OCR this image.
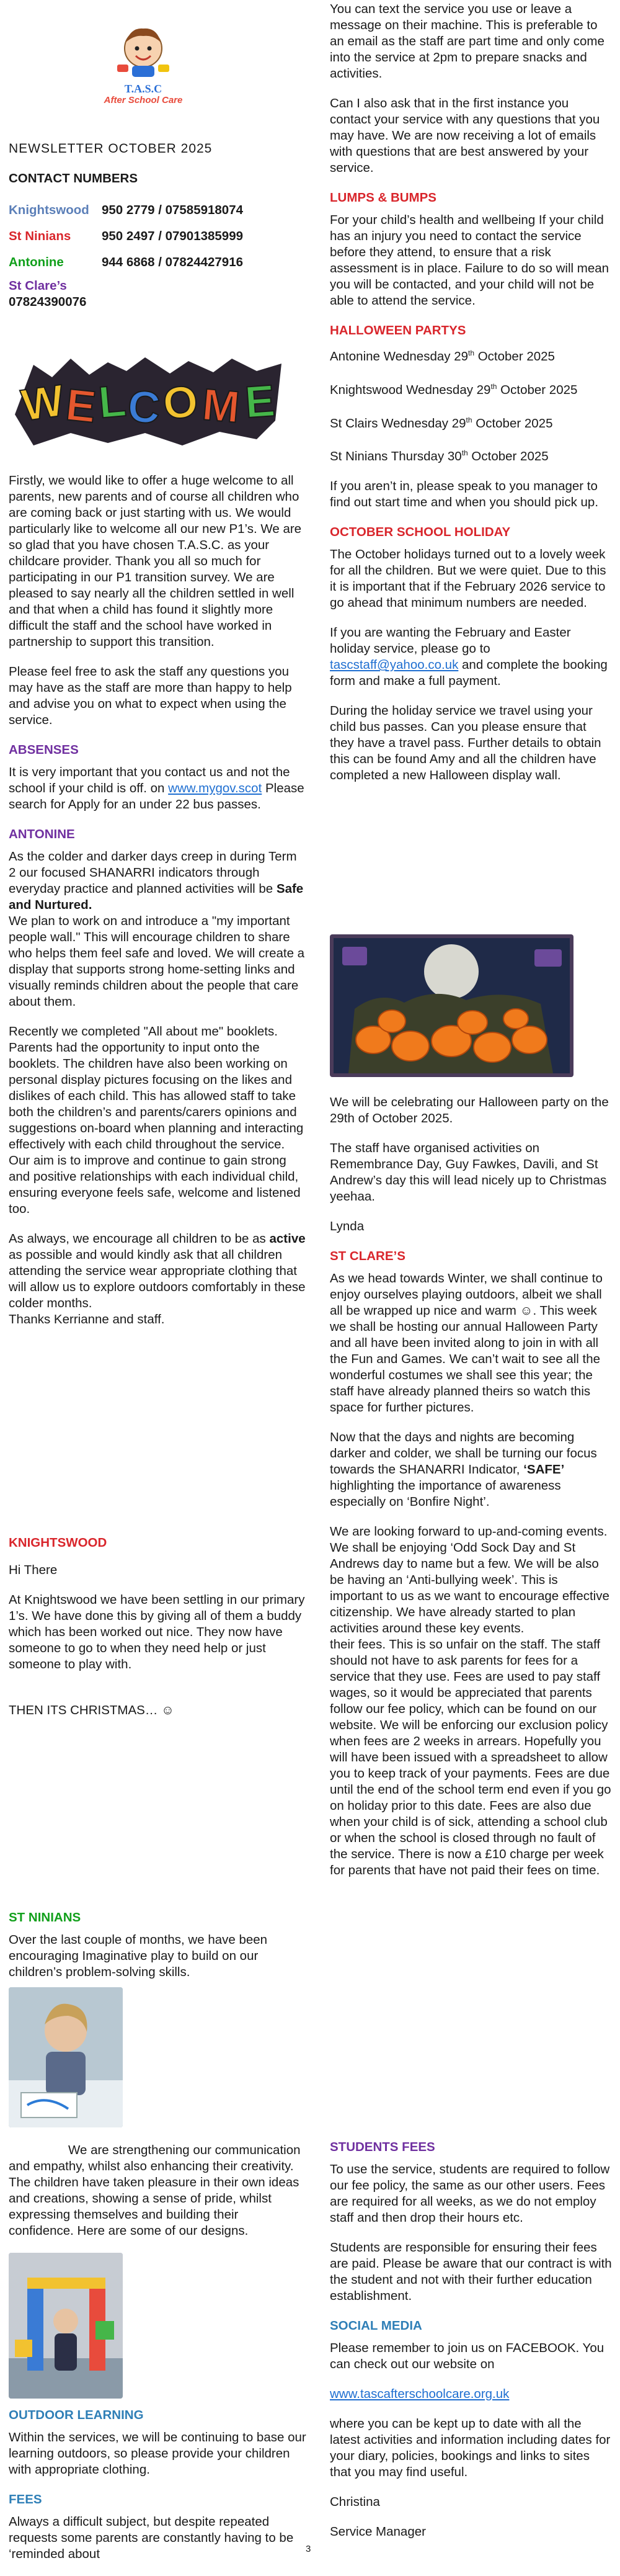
T.A.S.C
After School Care
NEWSLETTER OCTOBER 2025
CONTACT NUMBERS
Knightswood 950 2779 / 07585918074
St Ninians	950 2497 / 07901385999
Antonine	944 6868 / 07824427916
St Clare’s
07824390076
W
E
L
C
O M E

Firstly, we would like to offer a huge welcome to all parents, new parents and of course all children who are coming back or just starting with us. We would particularly like to welcome all our new P1’s. We are so glad that you have chosen T.A.S.C. as your childcare provider. Thank you all so much for participating in our P1 transition survey. We are pleased to say nearly all the children settled in well and that when a child has found it slightly more difficult the staff and the school have worked in partnership to support this transition.

Please feel free to ask the staff any questions you may have as the staff are more than happy to help and advise you on what to expect when using the service.

ABSENSES

It is very important that you contact us and not the school if your child is off. on www.mygov.scot Please search for Apply for an under 22 bus passes.

ANTONINE

As the colder and darker days creep in during Term 2 our focused SHANARRI indicators through everyday practice and planned activities will be Safe and Nurtured.
We plan to work on and introduce a "my important people wall." This will encourage children to share who helps them feel safe and loved. We will create a display that supports strong home-setting links and visually reminds children about the people that care about them.

Recently we completed "All about me" booklets. Parents had the opportunity to input onto the booklets. The children have also been working on personal display pictures focusing on the likes and dislikes of each child. This has allowed staff to take both the children’s and parents/carers opinions and suggestions on-board when planning and interacting effectively with each child throughout the service. Our aim is to improve and continue to gain strong and positive relationships with each individual child, ensuring everyone feels safe, welcome and listened too.

As always, we encourage all children to be as active as possible and would kindly ask that all children attending the service wear appropriate clothing that will allow us to explore outdoors comfortably in these colder months.
Thanks Kerrianne and staff.

KNIGHTSWOOD

Hi There

At Knightswood we have been settling in our primary 1’s. We have done this by giving all of them a buddy which has been worked out nice. They now have someone to go to when they need help or just someone to play with.

THEN ITS CHRISTMAS… ☺

ST NINIANS

Over the last couple of months, we have been encouraging Imaginative play to build on our children’s problem-solving skills.

We are strengthening our communication and empathy, whilst also enhancing their creativity. The children have taken pleasure in their own ideas and creations, showing a sense of pride, whilst expressing themselves and building their confidence. Here are some of our designs.

OUTDOOR LEARNING

Within the services, we will be continuing to base our learning outdoors, so please provide your children with appropriate clothing.

FEES

Always a difficult subject, but despite repeated requests some parents are constantly having to be ‘reminded about

You can text the service you use or leave a message on their machine. This is preferable to an email as the staff are part time and only come into the service at 2pm to prepare snacks and activities.

Can I also ask that in the first instance you contact your service with any questions that you may have. We are now receiving a lot of emails with questions that are best answered by your service.

LUMPS & BUMPS

For your child’s health and wellbeing If your child has an injury you need to contact the service before they attend, to ensure that a risk assessment is in place. Failure to do so will mean you will be contacted, and your child will not be able to attend the service.

HALLOWEEN PARTYS

Antonine Wednesday 29th October 2025

Knightswood Wednesday 29th October 2025

St Clairs Wednesday 29th October 2025

St Ninians Thursday 30th October 2025

If you aren’t in, please speak to you manager to find out start time and when you should pick up.

OCTOBER SCHOOL HOLIDAY

The October holidays turned out to a lovely week for all the children. But we were quiet. Due to this it is important that if the February 2026 service to go ahead that minimum numbers are needed.

If you are wanting the February and Easter holiday service, please go to tascstaff@yahoo.co.uk and complete the booking form and make a full payment.

During the holiday service we travel using your child bus passes. Can you please ensure that they have a travel pass. Further details to obtain this can be found Amy and all the children have completed a new Halloween display wall.

We will be celebrating our Halloween party on the 29th of October 2025.

The staff have organised activities on Remembrance Day, Guy Fawkes, Davili, and St Andrew’s day this will lead nicely up to Christmas yeehaa.

Lynda

ST CLARE’S

As we head towards Winter, we shall continue to enjoy ourselves playing outdoors, albeit we shall all be wrapped up nice and warm ☺. This week we shall be hosting our annual Halloween Party and all have been invited along to join in with all the Fun and Games. We can’t wait to see all the wonderful costumes we shall see this year; the staff have already planned theirs so watch this space for further pictures.

Now that the days and nights are becoming darker and colder, we shall be turning our focus towards the SHANARRI Indicator, ‘SAFE’ highlighting the importance of awareness especially on ‘Bonfire Night’.

We are looking forward to up-and-coming events. We shall be enjoying ‘Odd Sock Day and St Andrews day to name but a few. We will be also be having an ‘Anti-bullying week’. This is important to us as we want to encourage effective citizenship. We have already started to plan activities around these key events.

their fees. This is so unfair on the staff. The staff should not have to ask parents for fees for a service that they use. Fees are used to pay staff wages, so it would be appreciated that parents follow our fee policy, which can be found on our website. We will be enforcing our exclusion policy when fees are 2 weeks in arrears. Hopefully you will have been issued with a spreadsheet to allow you to keep track of your payments. Fees are due until the end of the school term end even if you go on holiday prior to this date. Fees are also due when your child is of sick, attending a school club or when the school is closed through no fault of the service. There is now a £10 charge per week for parents that have not paid their fees on time.

STUDENTS FEES

To use the service, students are required to follow our fee policy, the same as our other users. Fees are required for all weeks, as we do not employ staff and then drop their hours etc.

Students are responsible for ensuring their fees are paid. Please be aware that our contract is with the student and not with their further education establishment.

SOCIAL MEDIA

Please remember to join us on FACEBOOK. You can check out our website on

www.tascafterschoolcare.org.uk

where you can be kept up to date with all the latest activities and information including dates for your diary, policies, bookings and links to sites that you may find useful.

Christina

Service Manager

3
